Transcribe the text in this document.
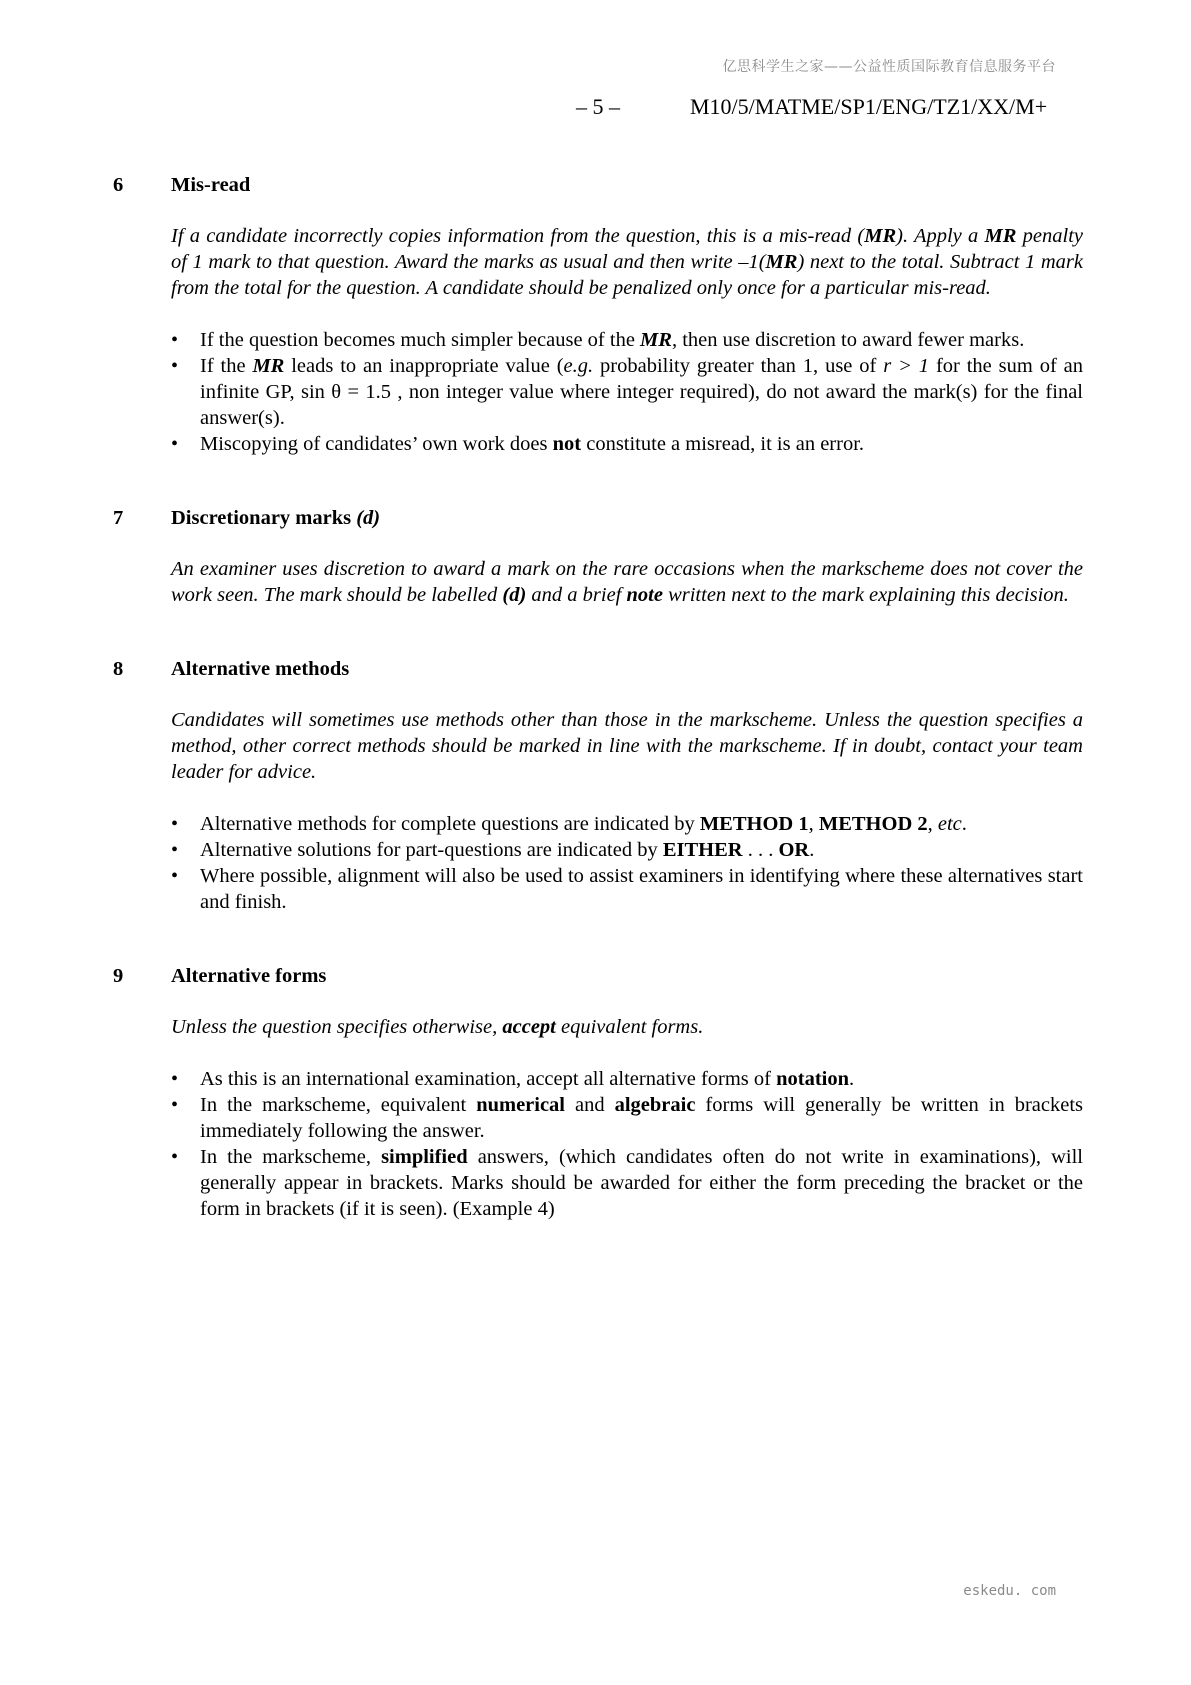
亿思科学生之家——公益性质国际教育信息服务平台
– 5 –	M10/5/MATME/SP1/ENG/TZ1/XX/M+
6 Mis-read

If a candidate incorrectly copies information from the question, this is a mis-read (MR). Apply a MR penalty of 1 mark to that question. Award the marks as usual and then write –1(MR) next to the total. Subtract 1 mark from the total for the question. A candidate should be penalized only once for a particular mis-read.

• If the question becomes much simpler because of the MR, then use discretion to award fewer marks.
• If the MR leads to an inappropriate value (e.g. probability greater than 1, use of r > 1 for the sum of an infinite GP, sin θ = 1.5 , non integer value where integer required), do not award the mark(s) for the final answer(s).
• Miscopying of candidates’ own work does not constitute a misread, it is an error.
7 Discretionary marks (d)

An examiner uses discretion to award a mark on the rare occasions when the markscheme does not cover the work seen. The mark should be labelled (d) and a brief note written next to the mark explaining this decision.

8 Alternative methods

Candidates will sometimes use methods other than those in the markscheme. Unless the question specifies a method, other correct methods should be marked in line with the markscheme. If in doubt, contact your team leader for advice.

• Alternative methods for complete questions are indicated by METHOD 1, METHOD 2, etc.
• Alternative solutions for part-questions are indicated by EITHER . . . OR.
• Where possible, alignment will also be used to assist examiners in identifying where these alternatives start and finish.
9 Alternative forms

Unless the question specifies otherwise, accept equivalent forms.

• As this is an international examination, accept all alternative forms of notation.
• In the markscheme, equivalent numerical and algebraic forms will generally be written in brackets immediately following the answer.
• In the markscheme, simplified answers, (which candidates often do not write in examinations), will generally appear in brackets. Marks should be awarded for either the form preceding the bracket or the form in brackets (if it is seen). (Example 4)
eskedu. com
